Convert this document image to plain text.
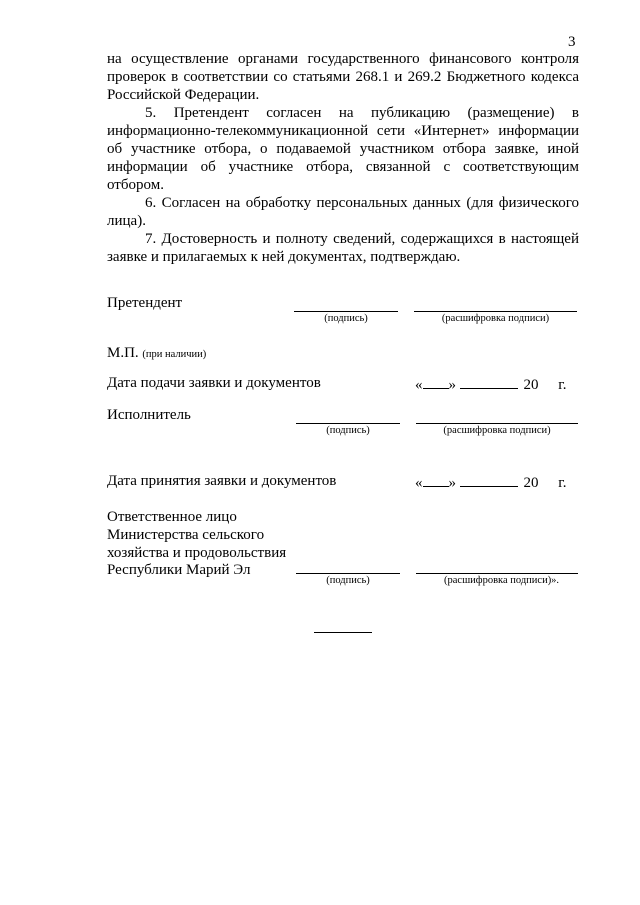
3

на осуществление органами государственного финансового контроля проверок в соответствии со статьями 268.1 и 269.2 Бюджетного кодекса Российской Федерации.

5. Претендент согласен на публикацию (размещение) в информационно-телекоммуникационной сети «Интернет» информации об участнике отбора, о подаваемой участником отбора заявке, иной информации об участнике отбора, связанной с соответствующим отбором.

6. Согласен на обработку персональных данных (для физического лица).

7. Достоверность и полноту сведений, содержащихся в настоящей заявке и прилагаемых к ней документах, подтверждаю.

Претендент
(подпись)	(расшифровка подписи)
М.П. (при наличии)
Дата подачи заявки и документов	« »	20 г.
Исполнитель
(подпись)	(расшифровка подписи)
Дата принятия заявки и документов	« »	20 г.
Ответственное лицо
Министерства сельского
хозяйства и продовольствия
Республики Марий Эл
(подпись)	(расшифровка подписи)».
